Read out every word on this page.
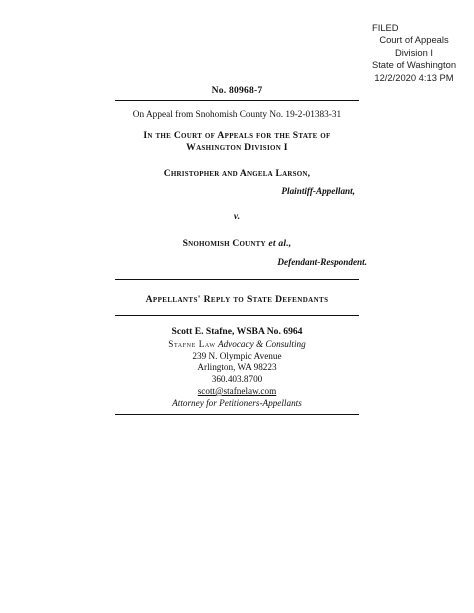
FILED
Court of Appeals
Division I
State of Washington
12/2/2020 4:13 PM
No. 80968-7
On Appeal from Snohomish County No. 19-2-01383-31
In the Court of Appeals for the State of
Washington Division I
Christopher and Angela Larson,
Plaintiff-Appellant,
v.
Snohomish County et al.,
Defendant-Respondent.
Appellants' Reply to State Defendants
Scott E. Stafne, WSBA No. 6964
Stafne Law Advocacy & Consulting
239 N. Olympic Avenue
Arlington, WA 98223
360.403.8700
scott@stafnelaw.com
Attorney for Petitioners-Appellants
